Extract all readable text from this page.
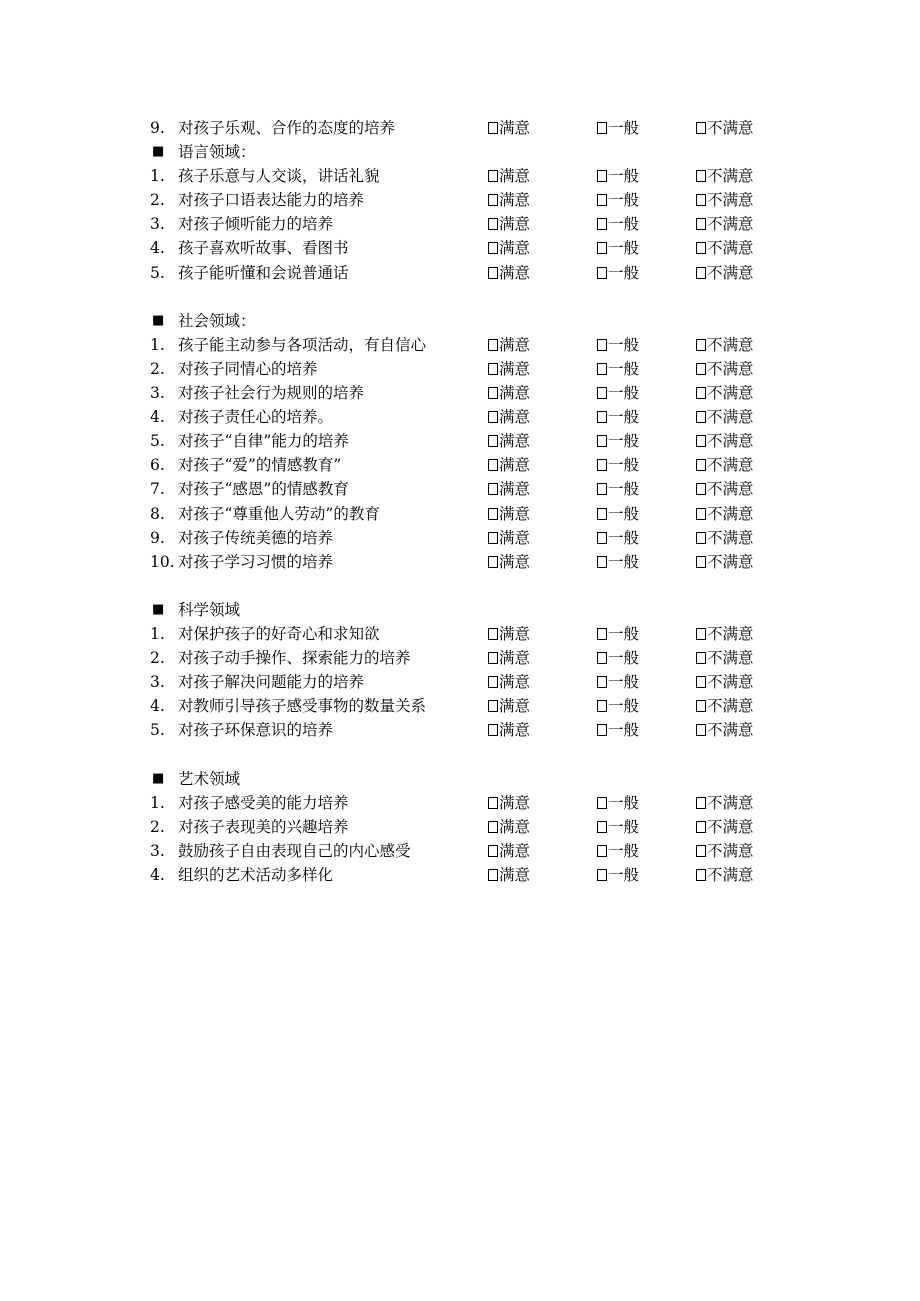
9. 对孩子乐观、合作的态度的培养	满意	一般	不满意
■ 语言领域：
1. 孩子乐意与人交谈，讲话礼貌	满意	一般	不满意
2. 对孩子口语表达能力的培养	满意	一般	不满意
3. 对孩子倾听能力的培养	满意	一般	不满意
4. 孩子喜欢听故事、看图书	满意	一般	不满意
5. 孩子能听懂和会说普通话	满意	一般	不满意
■ 社会领域：
1. 孩子能主动参与各项活动，有自信心	满意	一般	不满意
2. 对孩子同情心的培养	满意	一般	不满意
3. 对孩子社会行为规则的培养	满意	一般	不满意
4. 对孩子责任心的培养。	满意	一般	不满意
5. 对孩子“自律”能力的培养	满意	一般	不满意
6. 对孩子“爱”的情感教育”	满意	一般	不满意
7. 对孩子“感恩”的情感教育	满意	一般	不满意
8. 对孩子“尊重他人劳动”的教育	满意	一般	不满意
9. 对孩子传统美德的培养	满意	一般	不满意
10. 对孩子学习习惯的培养	满意	一般	不满意
■ 科学领域
1. 对保护孩子的好奇心和求知欲	满意	一般	不满意
2. 对孩子动手操作、探索能力的培养	满意	一般	不满意
3. 对孩子解决问题能力的培养	满意	一般	不满意
4. 对教师引导孩子感受事物的数量关系	满意	一般	不满意
5. 对孩子环保意识的培养	满意	一般	不满意
■ 艺术领域
1. 对孩子感受美的能力培养	满意	一般	不满意
2. 对孩子表现美的兴趣培养	满意	一般	不满意
3. 鼓励孩子自由表现自己的内心感受	满意	一般	不满意
4. 组织的艺术活动多样化	满意	一般	不满意
